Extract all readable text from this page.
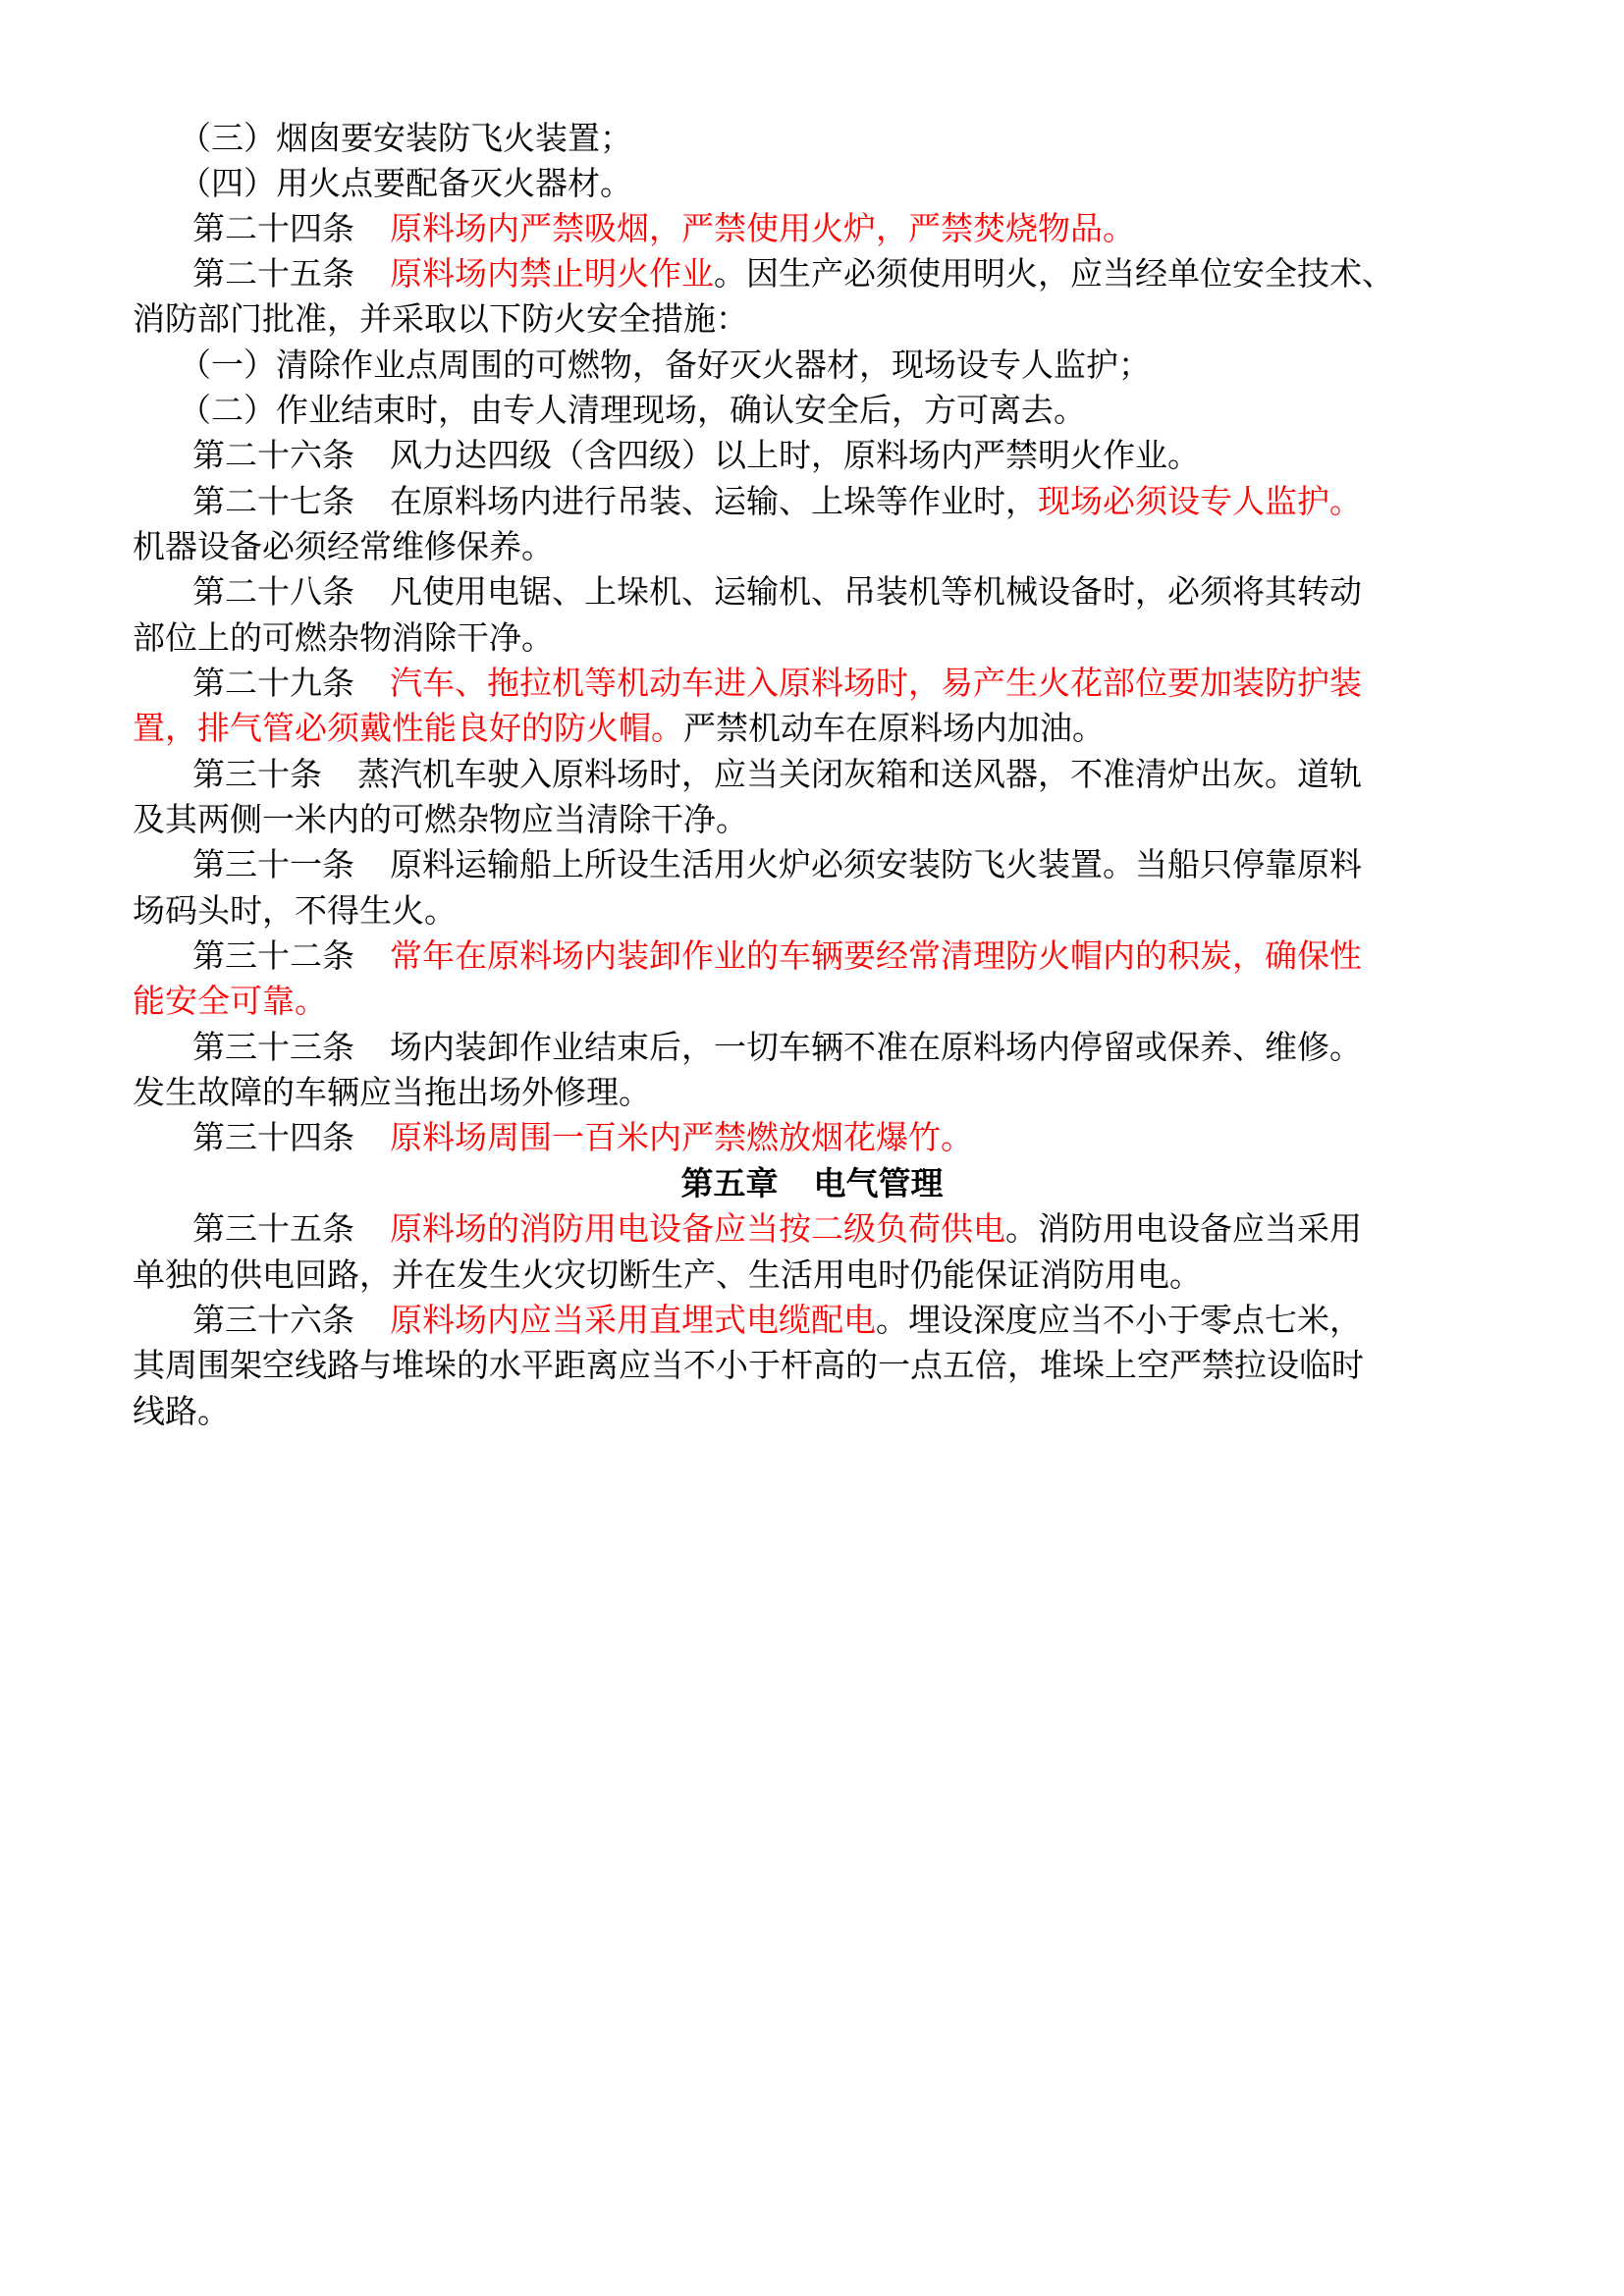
（三）烟囱要安装防飞火装置；
（四）用火点要配备灭火器材。
第二十四条 原料场内严禁吸烟，严禁使用火炉，严禁焚烧物品。
第二十五条 原料场内禁止明火作业。因生产必须使用明火，应当经单位安全技术、
消防部门批准，并采取以下防火安全措施：
（一）清除作业点周围的可燃物，备好灭火器材，现场设专人监护；
（二）作业结束时，由专人清理现场，确认安全后，方可离去。
第二十六条 风力达四级（含四级）以上时，原料场内严禁明火作业。
第二十七条 在原料场内进行吊装、运输、上垛等作业时，现场必须设专人监护。
机器设备必须经常维修保养。
第二十八条 凡使用电锯、上垛机、运输机、吊装机等机械设备时，必须将其转动
部位上的可燃杂物消除干净。
第二十九条 汽车、拖拉机等机动车进入原料场时，易产生火花部位要加装防护装
置，排气管必须戴性能良好的防火帽。严禁机动车在原料场内加油。
第三十条 蒸汽机车驶入原料场时，应当关闭灰箱和送风器，不准清炉出灰。道轨
及其两侧一米内的可燃杂物应当清除干净。
第三十一条 原料运输船上所设生活用火炉必须安装防飞火装置。当船只停靠原料
场码头时，不得生火。
第三十二条 常年在原料场内装卸作业的车辆要经常清理防火帽内的积炭，确保性
能安全可靠。
第三十三条 场内装卸作业结束后，一切车辆不准在原料场内停留或保养、维修。
发生故障的车辆应当拖出场外修理。
第三十四条 原料场周围一百米内严禁燃放烟花爆竹。
第五章 电气管理
第三十五条 原料场的消防用电设备应当按二级负荷供电。消防用电设备应当采用
单独的供电回路，并在发生火灾切断生产、生活用电时仍能保证消防用电。
第三十六条 原料场内应当采用直埋式电缆配电。埋设深度应当不小于零点七米，
其周围架空线路与堆垛的水平距离应当不小于杆高的一点五倍，堆垛上空严禁拉设临时
线路。
